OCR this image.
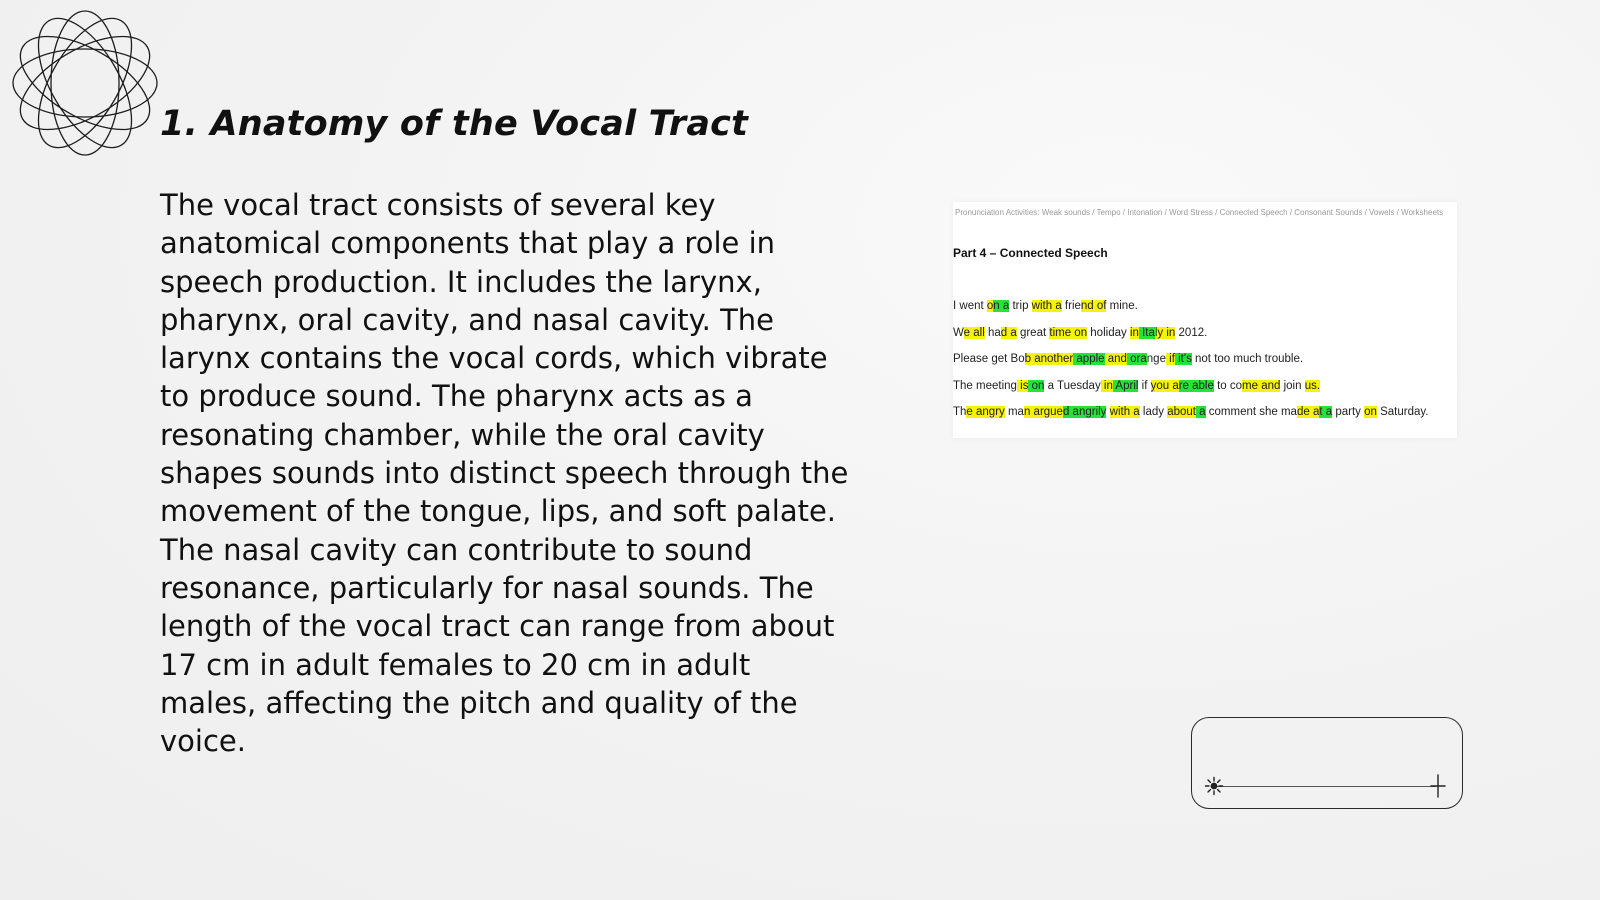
1. Anatomy of the Vocal Tract

The vocal tract consists of several key anatomical components that play a role in speech production. It includes the larynx, pharynx, oral cavity, and nasal cavity. The larynx contains the vocal cords, which vibrate to produce sound. The pharynx acts as a resonating chamber, while the oral cavity shapes sounds into distinct speech through the movement of the tongue, lips, and soft palate. The nasal cavity can contribute to sound resonance, particularly for nasal sounds. The length of the vocal tract can range from about 17 cm in adult females to 20 cm in adult males, affecting the pitch and quality of the voice.

Pronunciation Activities: Weak sounds / Tempo / Intonation / Word Stress / Connected Speech / Consonant Sounds / Vowels / Worksheets
Part 4 – Connected Speech
I went on a trip with a friend of mine.
We all had a great time on holiday in Italy in 2012.
Please get Bob another apple and orange if it's not too much trouble.
The meeting is on a Tuesday in April if you are able to come and join us.
The angry man argued angrily with a lady about a comment she made at a party on Saturday.
